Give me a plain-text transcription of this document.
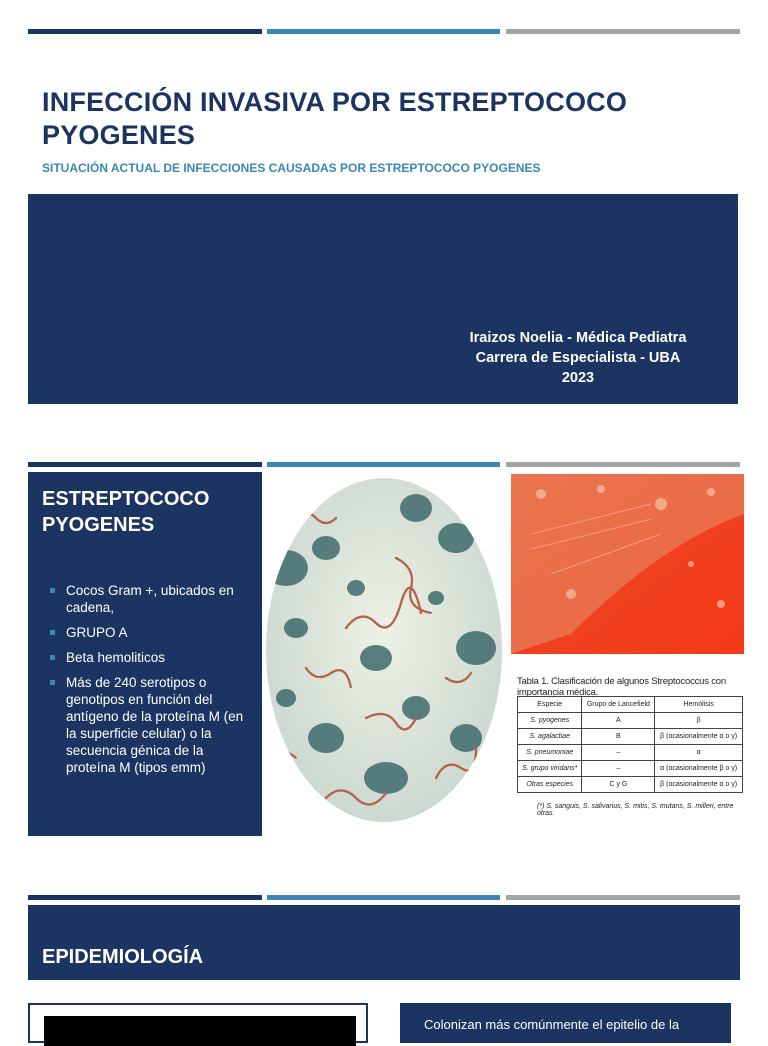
INFECCIÓN INVASIVA POR ESTREPTOCOCO PYOGENES

SITUACIÓN ACTUAL DE INFECCIONES CAUSADAS POR ESTREPTOCOCO PYOGENES

Iraizos Noelia - Médica Pediatra
Carrera de Especialista - UBA
2023
ESTREPTOCOCO PYOGENES
Cocos Gram +, ubicados en cadena,
GRUPO A
Beta hemoliticos
Más de 240 serotipos o genotipos en función del antígeno de la proteína M (en la superficie celular) o la secuencia génica de la proteína M (tipos emm)
Tabla 1. Clasificación de algunos Streptococcus con importancia médica.
Especie	Grupo de Lancefield	Hemólisis
S. pyogenes	A	β
S. agalactiae	B	β (ocasionalmente α o γ)
S. pneumoniae	–	α
S. grupo viridans*	–	α (ocasionalmente β o γ)
Otras especies	C y G	β (ocasionalmente α o γ)
(*) S. sanguis, S. salivarius, S. mitis, S. mutans, S. milleri, entre otras.
EPIDEMIOLOGÍA
Colonizan más comúnmente el epitelio de la
